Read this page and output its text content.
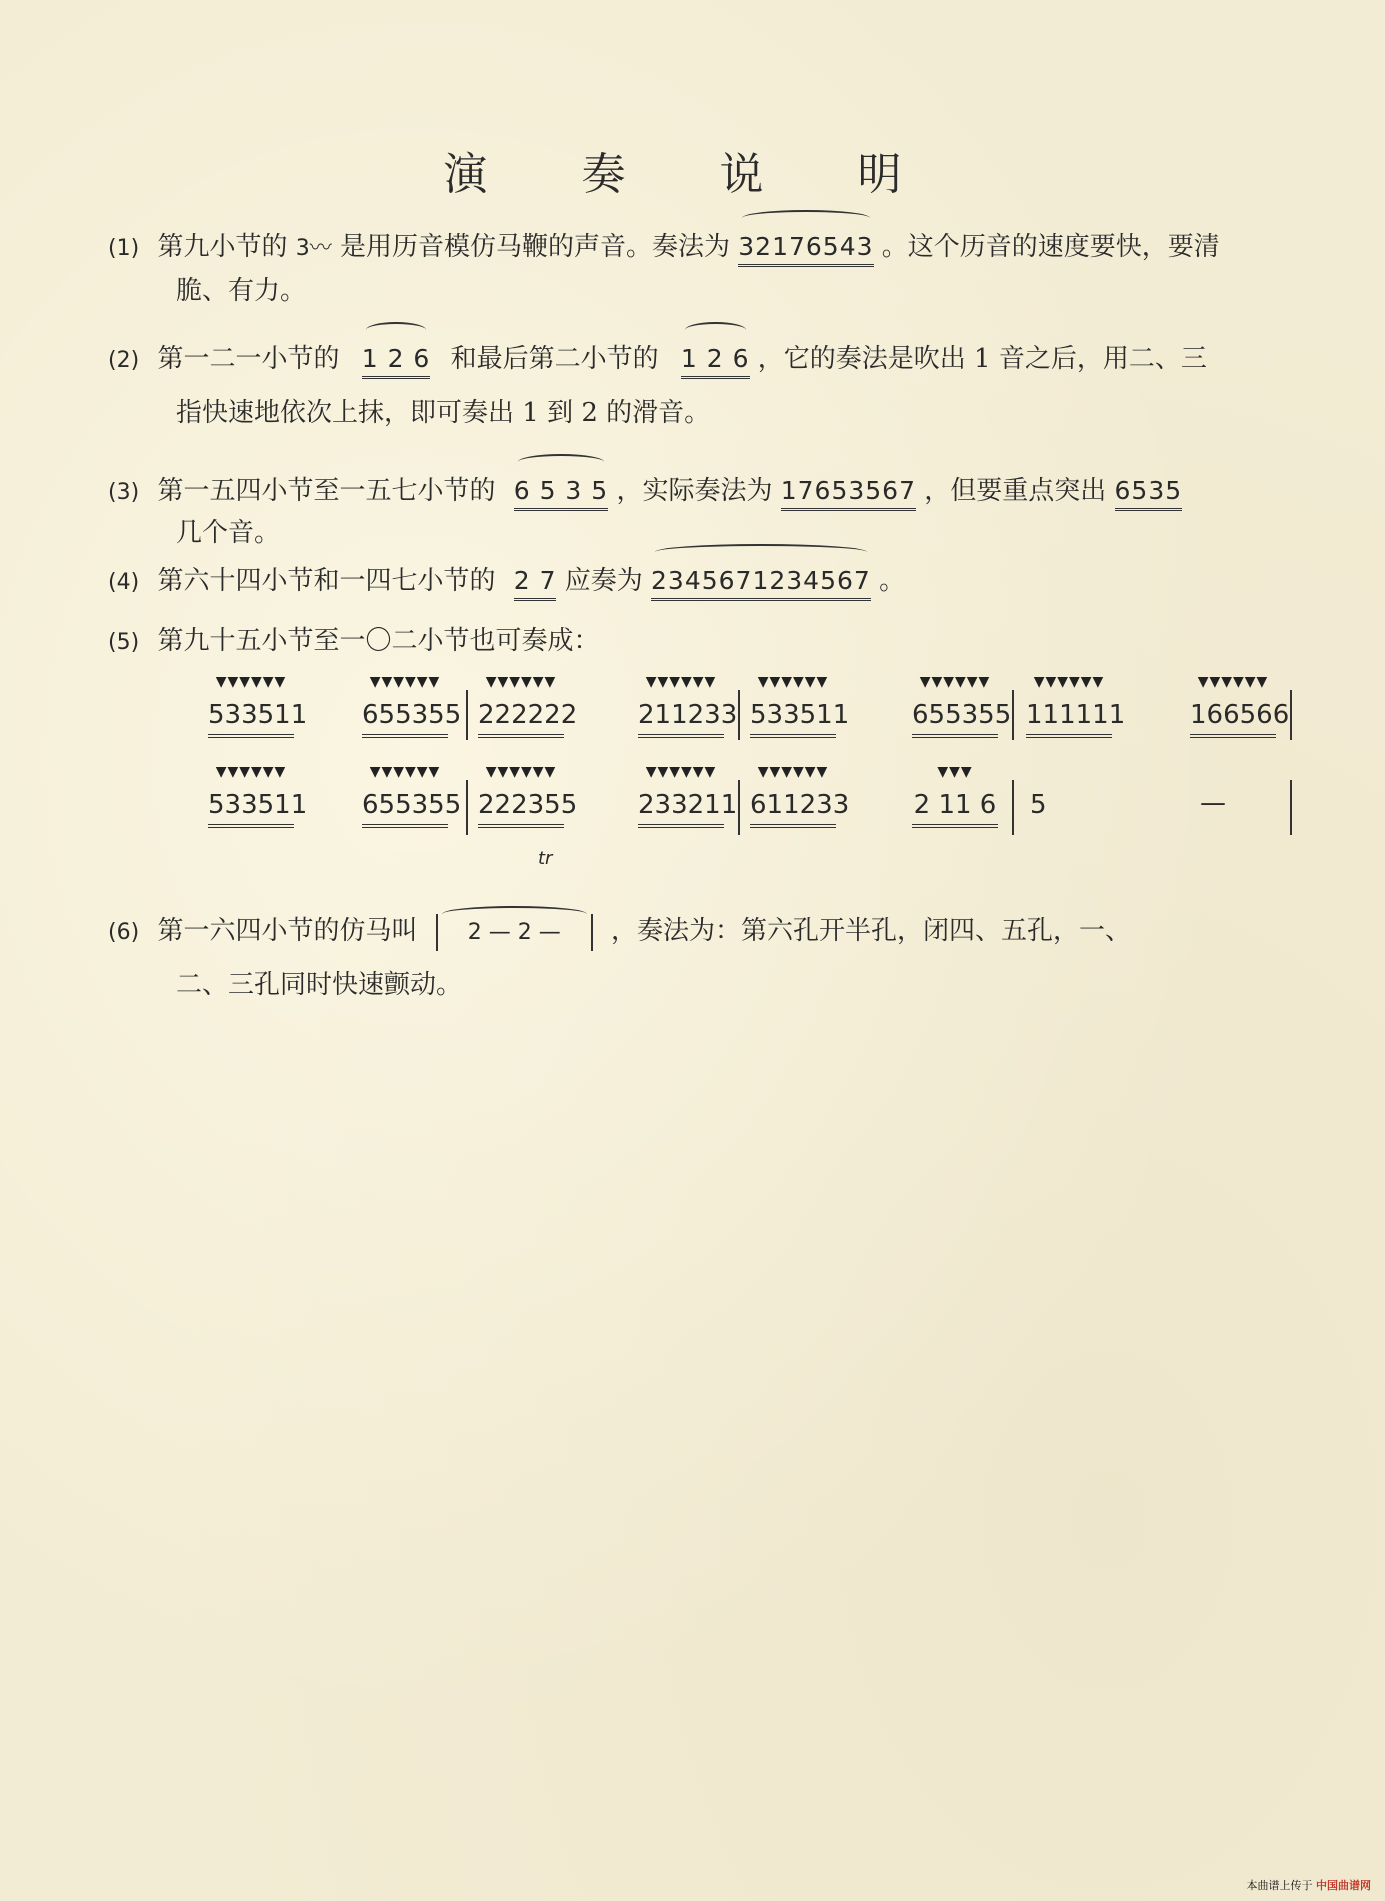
演 奏 说 明
(1) 第九小节的 3〰 是用历音模仿马鞭的声音。奏法为 32176543 。这个历音的速度要快，要清
脆、有力。
(2) 第一二一小节的 1 2 6 和最后第二小节的 1 2 6 ，它的奏法是吹出 1 音之后，用二、三
指快速地依次上抹，即可奏出 1 到 2 的滑音。
(3) 第一五四小节至一五七小节的 6 5 3 5 ，实际奏法为 17653567 ，但要重点突出 6535
几个音。
(4) 第六十四小节和一四七小节的 2 7 应奏为 2345671234567 。
(5) 第九十五小节至一〇二小节也可奏成：
▼▼▼▼▼▼
533511
▼▼▼▼▼▼
655355
▼▼▼▼▼▼
222222
▼▼▼▼▼▼
211233
▼▼▼▼▼▼
533511
▼▼▼▼▼▼
655355
▼▼▼▼▼▼
111111
▼▼▼▼▼▼
166566
▼▼▼▼▼▼
533511
▼▼▼▼▼▼
655355
▼▼▼▼▼▼
222355
▼▼▼▼▼▼
233211
▼▼▼▼▼▼
611233
▼▼▼
2 11 6 5	—
tr
(6) 第一六四小节的仿马叫 2 — 2 — ，奏法为：第六孔开半孔，闭四、五孔，一、
二、三孔同时快速颤动。
本曲谱上传于 中国曲谱网
